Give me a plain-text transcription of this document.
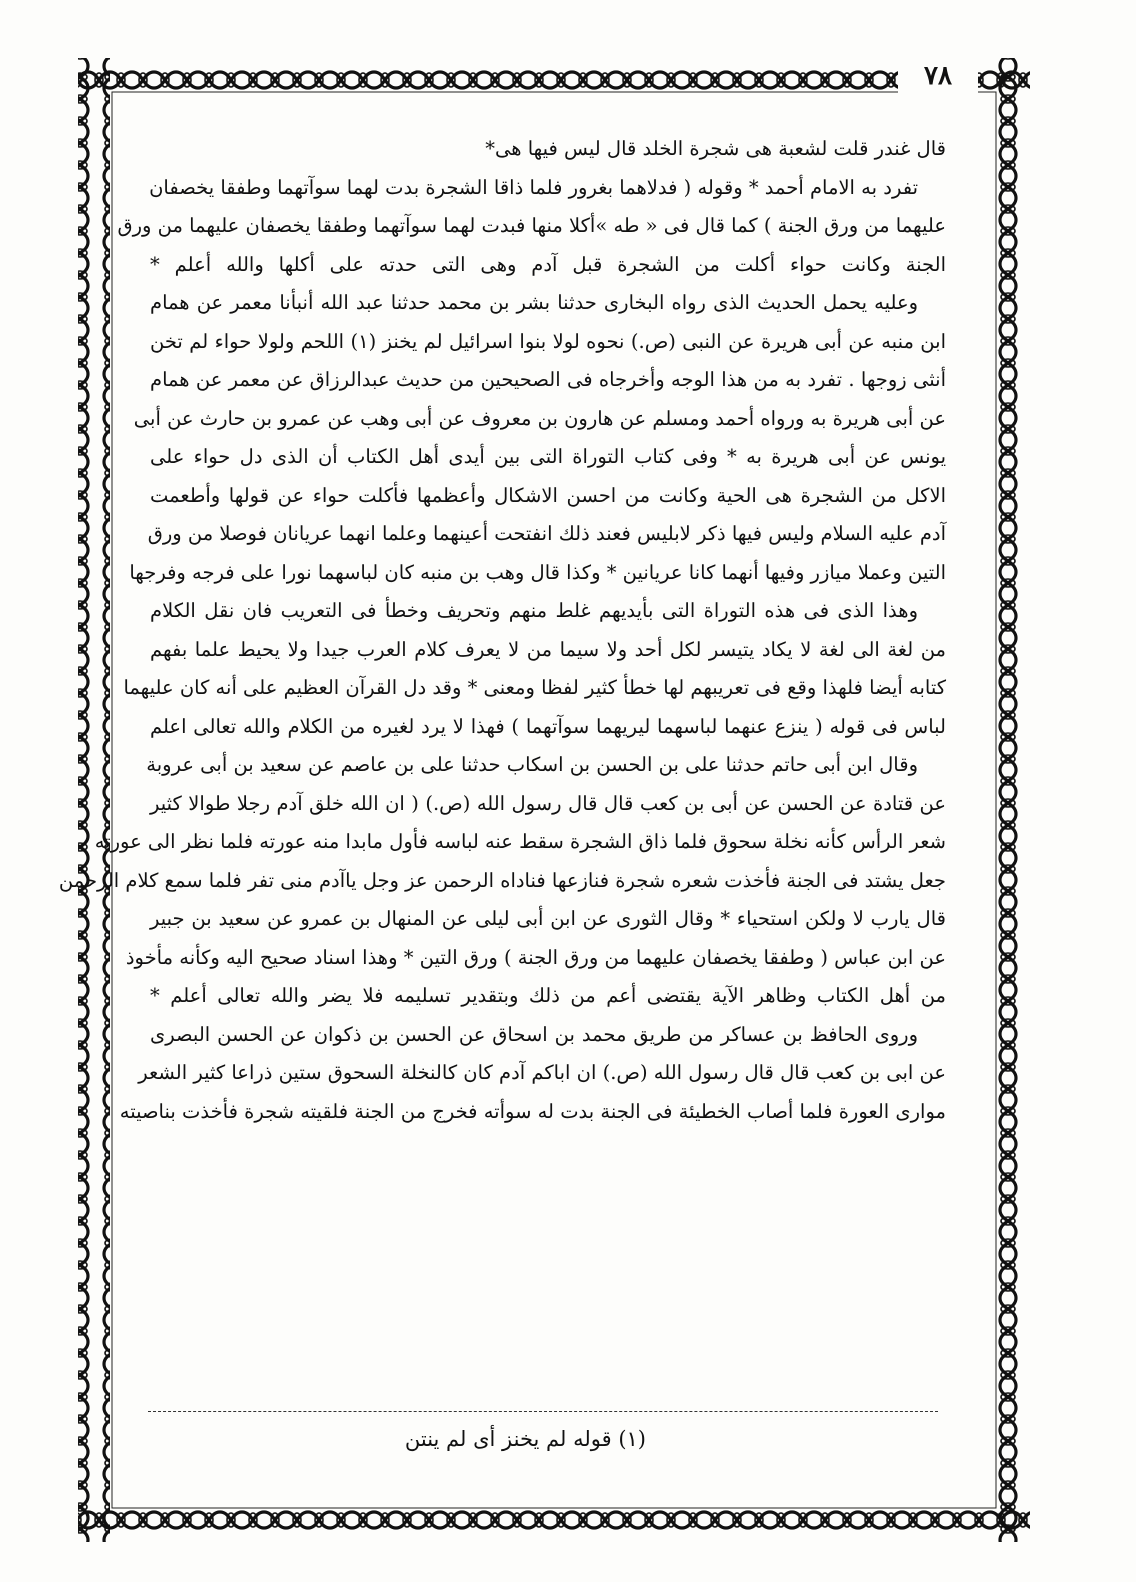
٧٨
قال غندر قلت لشعبة هى شجرة الخلد قال ليس فيها هى*
تفرد به الامام أحمد * وقوله ( فدلاهما بغرور فلما ذاقا الشجرة بدت لهما سوآتهما وطفقا يخصفان
عليهما من ورق الجنة ) كما قال فى « طه »أكلا منها فبدت لهما سوآتهما وطفقا يخصفان عليهما من ورق
الجنة وكانت حواء أكلت من الشجرة قبل آدم وهى التى حدته على أكلها والله أعلم *
وعليه يحمل الحديث الذى رواه البخارى حدثنا بشر بن محمد حدثنا عبد الله أنبأنا معمر عن همام
ابن منبه عن أبى هريرة عن النبى (ص.) نحوه لولا بنوا اسرائيل لم يخنز (١) اللحم ولولا حواء لم تخن
أنثى زوجها . تفرد به من هذا الوجه وأخرجاه فى الصحيحين من حديث عبدالرزاق عن معمر عن همام
عن أبى هريرة به ورواه أحمد ومسلم عن هارون بن معروف عن أبى وهب عن عمرو بن حارث عن أبى
يونس عن أبى هريرة به * وفى كتاب التوراة التى بين أيدى أهل الكتاب أن الذى دل حواء على
الاكل من الشجرة هى الحية وكانت من احسن الاشكال وأعظمها فأكلت حواء عن قولها وأطعمت
آدم عليه السلام وليس فيها ذكر لابليس فعند ذلك انفتحت أعينهما وعلما انهما عريانان فوصلا من ورق
التين وعملا ميازر وفيها أنهما كانا عريانين * وكذا قال وهب بن منبه كان لباسهما نورا على فرجه وفرجها
وهذا الذى فى هذه التوراة التى بأيديهم غلط منهم وتحريف وخطأ فى التعريب فان نقل الكلام
من لغة الى لغة لا يكاد يتيسر لكل أحد ولا سيما من لا يعرف كلام العرب جيدا ولا يحيط علما بفهم
كتابه أيضا فلهذا وقع فى تعريبهم لها خطأ كثير لفظا ومعنى * وقد دل القرآن العظيم على أنه كان عليهما
لباس فى قوله ( ينزع عنهما لباسهما ليريهما سوآتهما ) فهذا لا يرد لغيره من الكلام والله تعالى اعلم
وقال ابن أبى حاتم حدثنا على بن الحسن بن اسكاب حدثنا على بن عاصم عن سعيد بن أبى عروبة
عن قتادة عن الحسن عن أبى بن كعب قال قال رسول الله (ص.) ( ان الله خلق آدم رجلا طوالا كثير
شعر الرأس كأنه نخلة سحوق فلما ذاق الشجرة سقط عنه لباسه فأول مابدا منه عورته فلما نظر الى عورته
جعل يشتد فى الجنة فأخذت شعره شجرة فنازعها فناداه الرحمن عز وجل ياآدم منى تفر فلما سمع كلام الرحمن
قال يارب لا ولكن استحياء * وقال الثورى عن ابن أبى ليلى عن المنهال بن عمرو عن سعيد بن جبير
عن ابن عباس ( وطفقا يخصفان عليهما من ورق الجنة ) ورق التين * وهذا اسناد صحيح اليه وكأنه مأخوذ
من أهل الكتاب وظاهر الآية يقتضى أعم من ذلك وبتقدير تسليمه فلا يضر والله تعالى أعلم *
وروى الحافظ بن عساكر من طريق محمد بن اسحاق عن الحسن بن ذكوان عن الحسن البصرى
عن ابى بن كعب قال قال رسول الله (ص.) ان اباكم آدم كان كالنخلة السحوق ستين ذراعا كثير الشعر
موارى العورة فلما أصاب الخطيئة فى الجنة بدت له سوأته فخرج من الجنة فلقيته شجرة فأخذت بناصيته
(١) قوله لم يخنز أى لم ينتن
